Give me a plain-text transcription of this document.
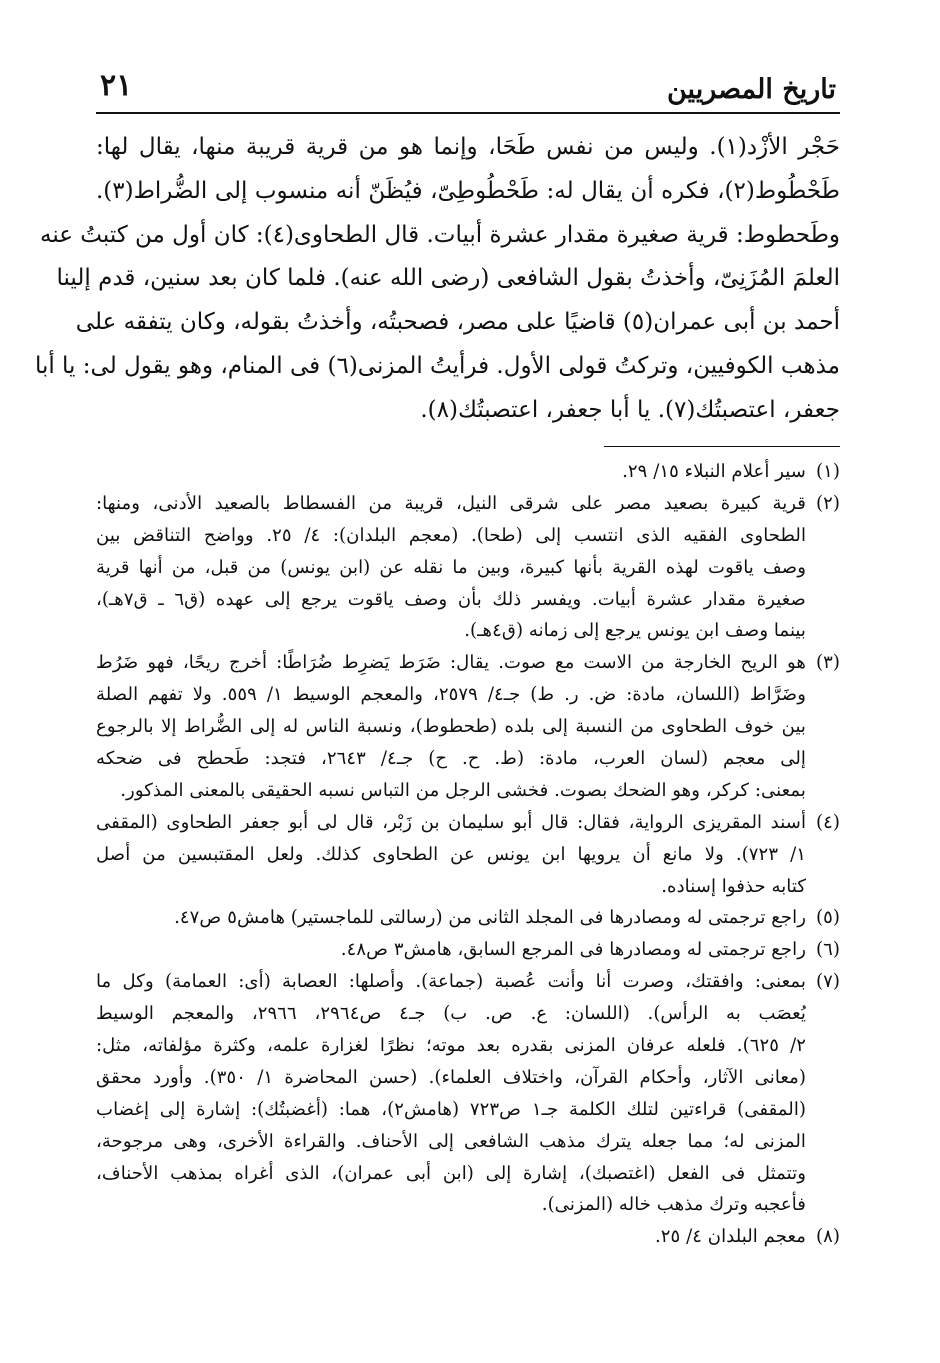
تاريخ المصريين
٢١
حَجْر الأزْد(١). وليس من نفس طَحَا، وإنما هو من قرية قريبة منها، يقال لها:
طَحْطُوط(٢)، فكره أن يقال له: طَحْطُوطِىّ، فيُظَنّ أنه منسوب إلى الضُّراط(٣).
وطَحطوط: قرية صغيرة مقدار عشرة أبيات. قال الطحاوى(٤): كان أول من كتبتُ عنه
العلمَ المُزَنِىّ، وأخذتُ بقول الشافعى (رضى الله عنه). فلما كان بعد سنين، قدم إلينا
أحمد بن أبى عمران(٥) قاضيًا على مصر، فصحبتُه، وأخذتُ بقوله، وكان يتفقه على
مذهب الكوفيين، وتركتُ قولى الأول. فرأيتُ المزنى(٦) فى المنام، وهو يقول لى: يا أبا
جعفر، اعتصبتُك(٧). يا أبا جعفر، اعتصبتُك(٨).
(١)
سير أعلام النبلاء ١٥/ ٢٩.
(٢)
قرية كبيرة بصعيد مصر على شرقى النيل، قريبة من الفسطاط بالصعيد الأدنى، ومنها:
الطحاوى الفقيه الذى انتسب إلى (طحا). (معجم البلدان): ٤/ ٢٥. وواضح التناقض بين
وصف ياقوت لهذه القرية بأنها كبيرة، وبين ما نقله عن (ابن يونس) من قبل، من أنها قرية
صغيرة مقدار عشرة أبيات. ويفسر ذلك بأن وصف ياقوت يرجع إلى عهده (ق٦ ـ ق٧هـ)،
بينما وصف ابن يونس يرجع إلى زمانه (ق٤هـ).
(٣)
هو الريح الخارجة من الاست مع صوت. يقال: ضَرَط يَضرِط ضُرَاطًا: أخرج ريحًا، فهو ضَرُط
وضَرَّاط (اللسان، مادة: ض. ر. ط) جـ٤/ ٢٥٧٩، والمعجم الوسيط ١/ ٥٥٩. ولا تفهم الصلة
بين خوف الطحاوى من النسبة إلى بلده (طحطوط)، ونسبة الناس له إلى الضُّراط إلا بالرجوع
إلى معجم (لسان العرب، مادة: (ط. ح. ح) جـ٤/ ٢٦٤٣، فتجد: طَحطح فى ضحكه
بمعنى: كركر، وهو الضحك بصوت. فخشى الرجل من التباس نسبه الحقيقى بالمعنى المذكور.
(٤)
أسند المقريزى الرواية، فقال: قال أبو سليمان بن زَبْر، قال لى أبو جعفر الطحاوى (المقفى
١/ ٧٢٣). ولا مانع أن يرويها ابن يونس عن الطحاوى كذلك. ولعل المقتبسين من أصل
كتابه حذفوا إسناده.
(٥)
راجع ترجمتى له ومصادرها فى المجلد الثانى من (رسالتى للماجستير) هامش٥ ص٤٧.
(٦)
راجع ترجمتى له ومصادرها فى المرجع السابق، هامش٣ ص٤٨.
(٧)
بمعنى: وافقتك، وصرت أنا وأنت عُصبة (جماعة). وأصلها: العصابة (أى: العمامة) وكل ما
يُعصَب به الرأس). (اللسان: ع. ص. ب) جـ٤ ص٢٩٦٤، ٢٩٦٦، والمعجم الوسيط
٢/ ٦٢٥). فلعله عرفان المزنى بقدره بعد موته؛ نظرًا لغزارة علمه، وكثرة مؤلفاته، مثل:
(معانى الآثار، وأحكام القرآن، واختلاف العلماء). (حسن المحاضرة ١/ ٣٥٠). وأورد محقق
(المقفى) قراءتين لتلك الكلمة جـ١ ص٧٢٣ (هامش٢)، هما: (أغضبتُك): إشارة إلى إغضاب
المزنى له؛ مما جعله يترك مذهب الشافعى إلى الأحناف. والقراءة الأخرى، وهى مرجوحة،
وتتمثل فى الفعل (اغتصبك)، إشارة إلى (ابن أبى عمران)، الذى أغراه بمذهب الأحناف،
فأعجبه وترك مذهب خاله (المزنى).
(٨)
معجم البلدان ٤/ ٢٥.
